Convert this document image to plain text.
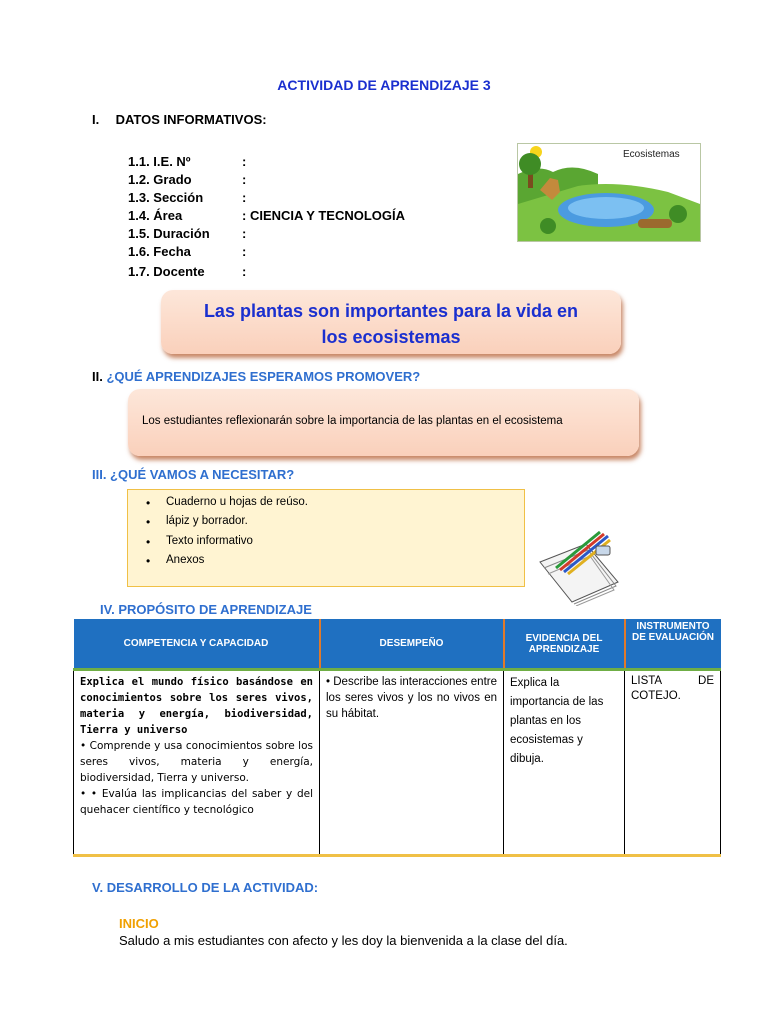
ACTIVIDAD DE APRENDIZAJE 3
I. DATOS INFORMATIVOS:
1.1. I.E. Nº	:
1.2. Grado	:
1.3. Sección	:
1.4. Área	: CIENCIA Y TECNOLOGÍA
1.5. Duración :
1.6. Fecha	:
1.7. Docente	:
Ecosistemas
Las plantas son importantes para la vida en
los ecosistemas
II. ¿QUÉ APRENDIZAJES ESPERAMOS PROMOVER?
Los estudiantes reflexionarán sobre la importancia de las plantas en el ecosistema
III. ¿QUÉ VAMOS A NECESITAR?
• Cuaderno u hojas de reúso.
• lápiz y borrador.
• Texto informativo
• Anexos
IV. PROPÓSITO DE APRENDIZAJE
COMPETENCIA Y CAPACIDAD	DESEMPEÑO	EVIDENCIA DEL APRENDIZAJE	INSTRUMENTO DE EVALUACIÓN
Explica el mundo físico basándose en conocimientos sobre los seres vivos, materia y energía, biodiversidad, Tierra y universo
• Comprende y usa conocimientos sobre los seres vivos, materia y energía, biodiversidad, Tierra y universo.
• • Evalúa las implicancias del saber y del quehacer científico y tecnológico	• Describe las interacciones entre los seres vivos y los no vivos en su hábitat.	Explica la importancia de las plantas en los ecosistemas y dibuja.	LISTA DE COTEJO.
V. DESARROLLO DE LA ACTIVIDAD:
INICIO
Saludo a mis estudiantes con afecto y les doy la bienvenida a la clase del día.
